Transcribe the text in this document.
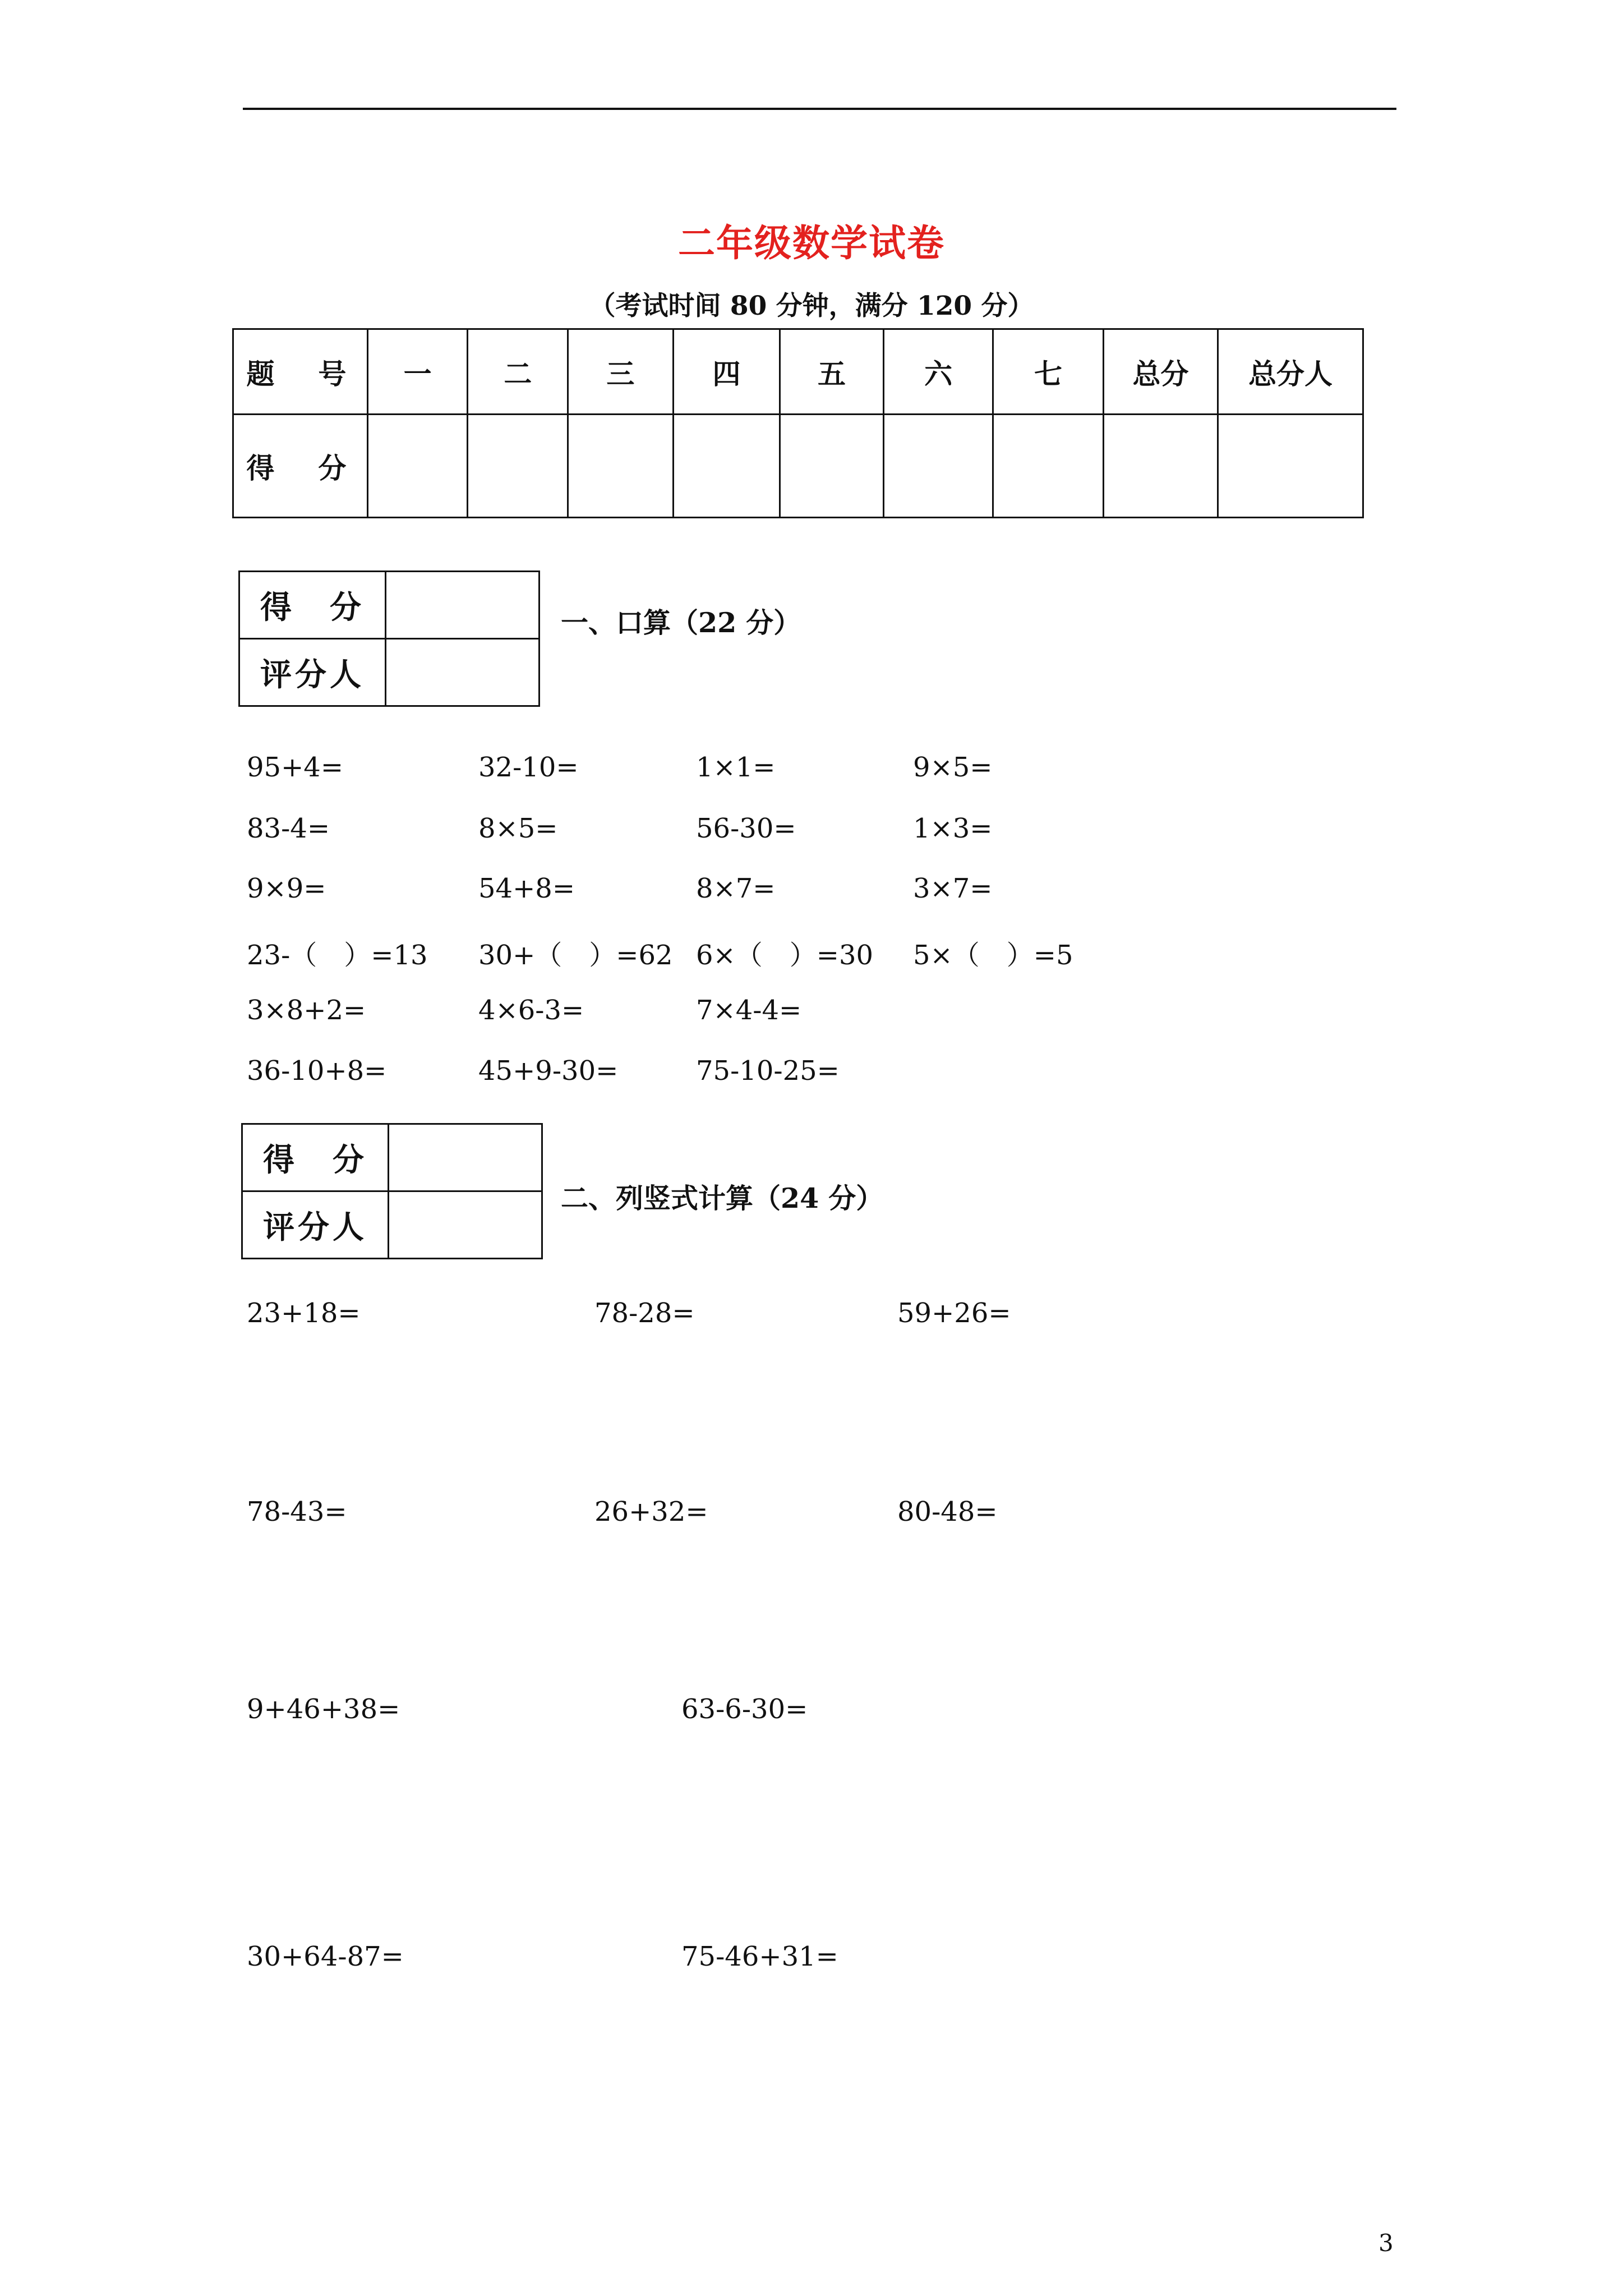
二年级数学试卷
（考试时间 80 分钟，满分 120 分）
题　号	一	二	三	四	五	六	七	总分	总分人
得　分									
得　分	
评分人	
一、口算（22 分）
95+4=	32-10=	1×1=	9×5=
83-4=	8×5=	56-30=	1×3=
9×9=	54+8=	8×7=	3×7=
23-（　）=13 30+（　）=62 6×（　）=30 5×（　）=5
3×8+2=	4×6-3=	7×4-4=
36-10+8=	45+9-30=	75-10-25=
得　分	
评分人	
二、列竖式计算（24 分）
23+18=	78-28=	59+26=
78-43=	26+32=	80-48=
9+46+38=	63-6-30=
30+64-87=	75-46+31=
3
